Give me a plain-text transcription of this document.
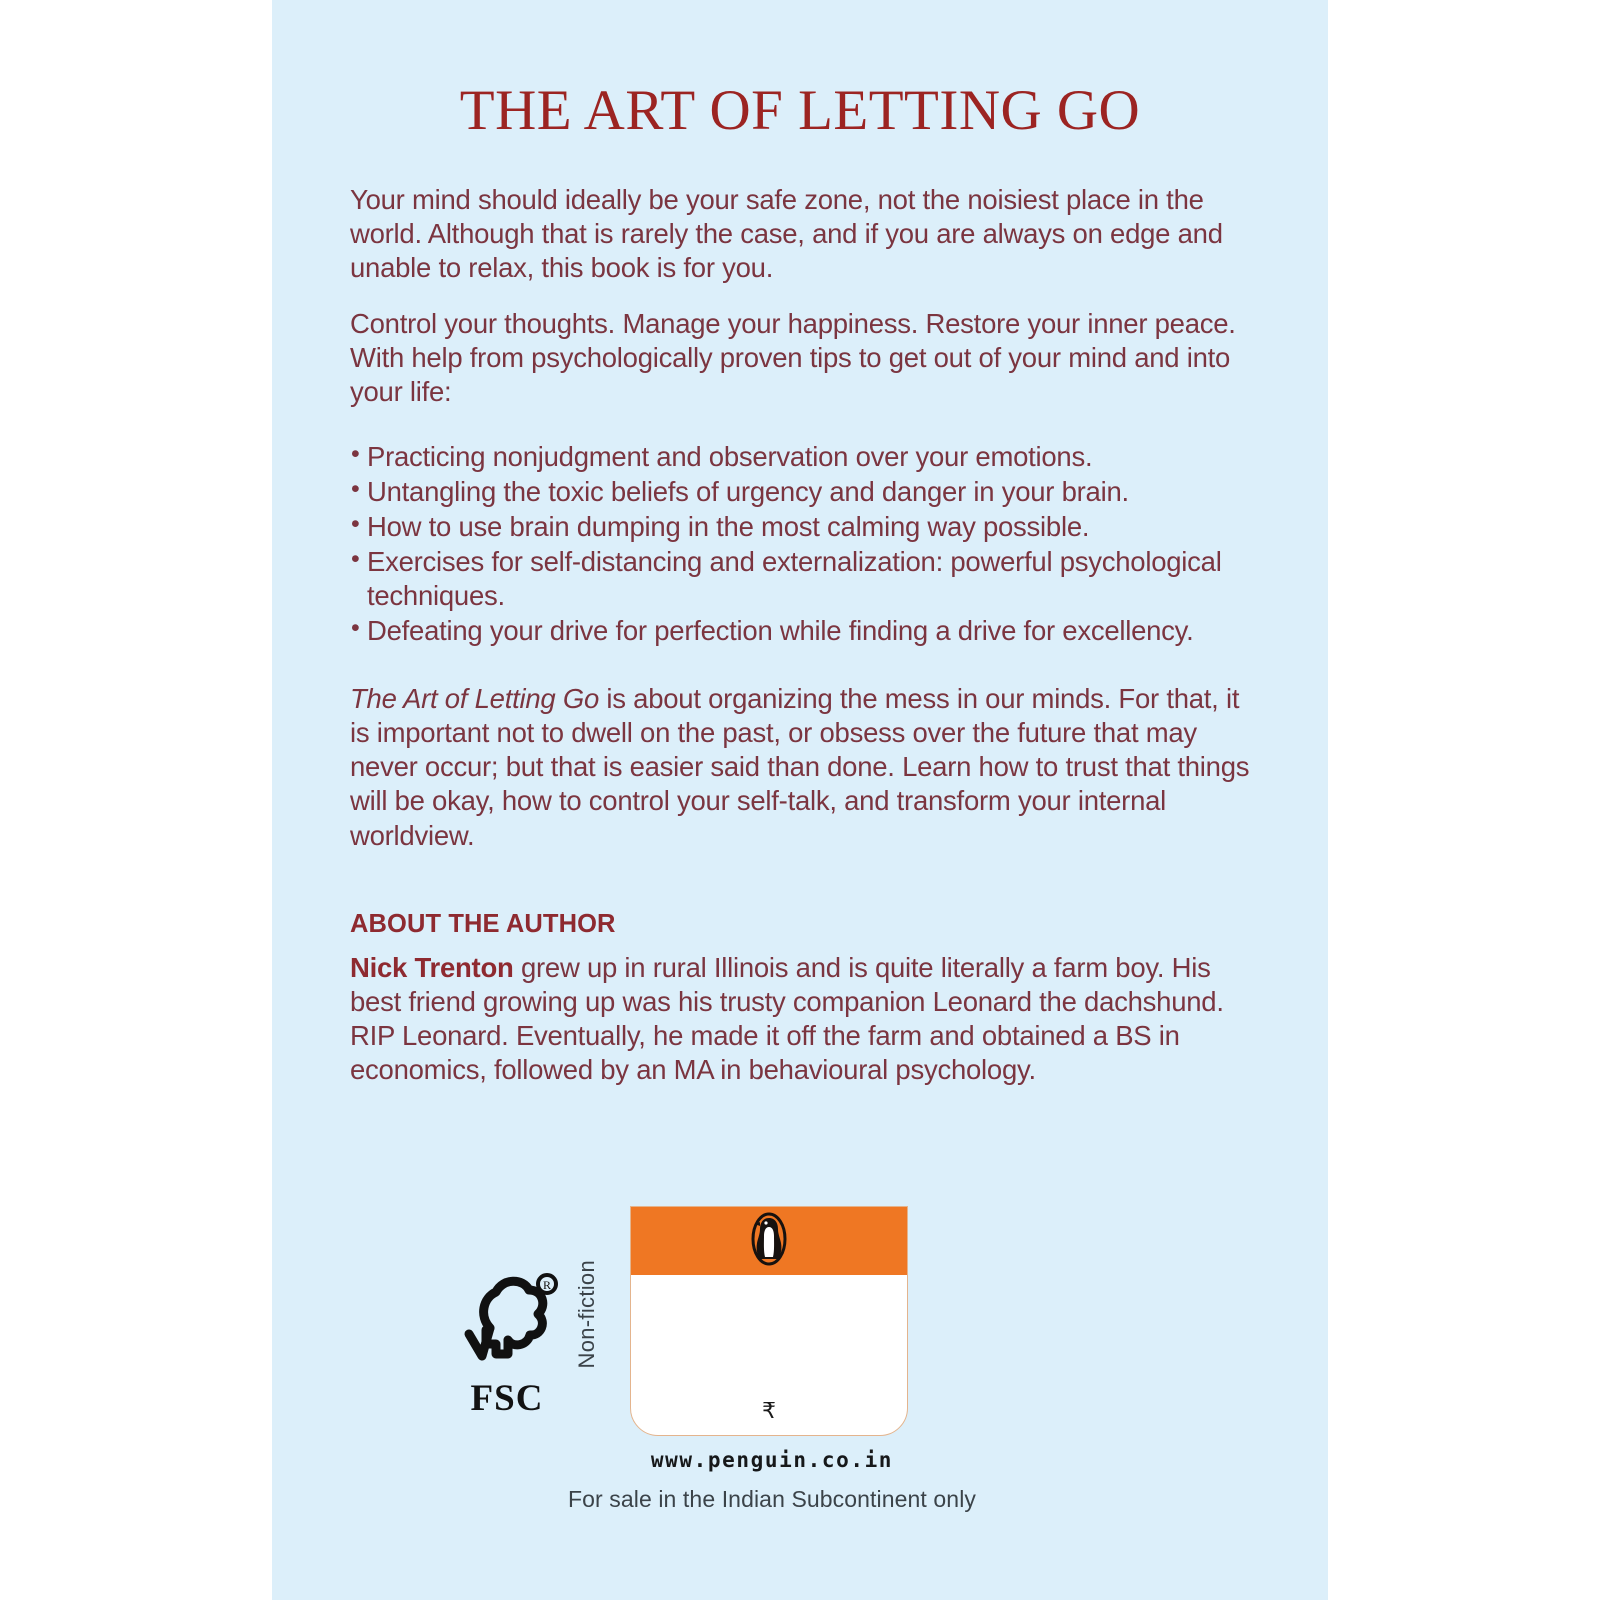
THE ART OF LETTING GO

Your mind should ideally be your safe zone, not the noisiest place in the world. Although that is rarely the case, and if you are always on edge and unable to relax, this book is for you.

Control your thoughts. Manage your happiness. Restore your inner peace. With help from psychologically proven tips to get out of your mind and into your life:

• Practicing nonjudgment and observation over your emotions.
• Untangling the toxic beliefs of urgency and danger in your brain.
• How to use brain dumping in the most calming way possible.
• Exercises for self-distancing and externalization: powerful psychological techniques.
• Defeating your drive for perfection while finding a drive for excellency.

The Art of Letting Go is about organizing the mess in our minds. For that, it is important not to dwell on the past, or obsess over the future that may never occur; but that is easier said than done. Learn how to trust that things will be okay, how to control your self-talk, and transform your internal worldview.

ABOUT THE AUTHOR

Nick Trenton grew up in rural Illinois and is quite literally a farm boy. His best friend growing up was his trusty companion Leonard the dachshund. RIP Leonard. Eventually, he made it off the farm and obtained a BS in economics, followed by an MA in behavioural psychology.

R
FSC
Non-fiction
₹
www.penguin.co.in
For sale in the Indian Subcontinent only
